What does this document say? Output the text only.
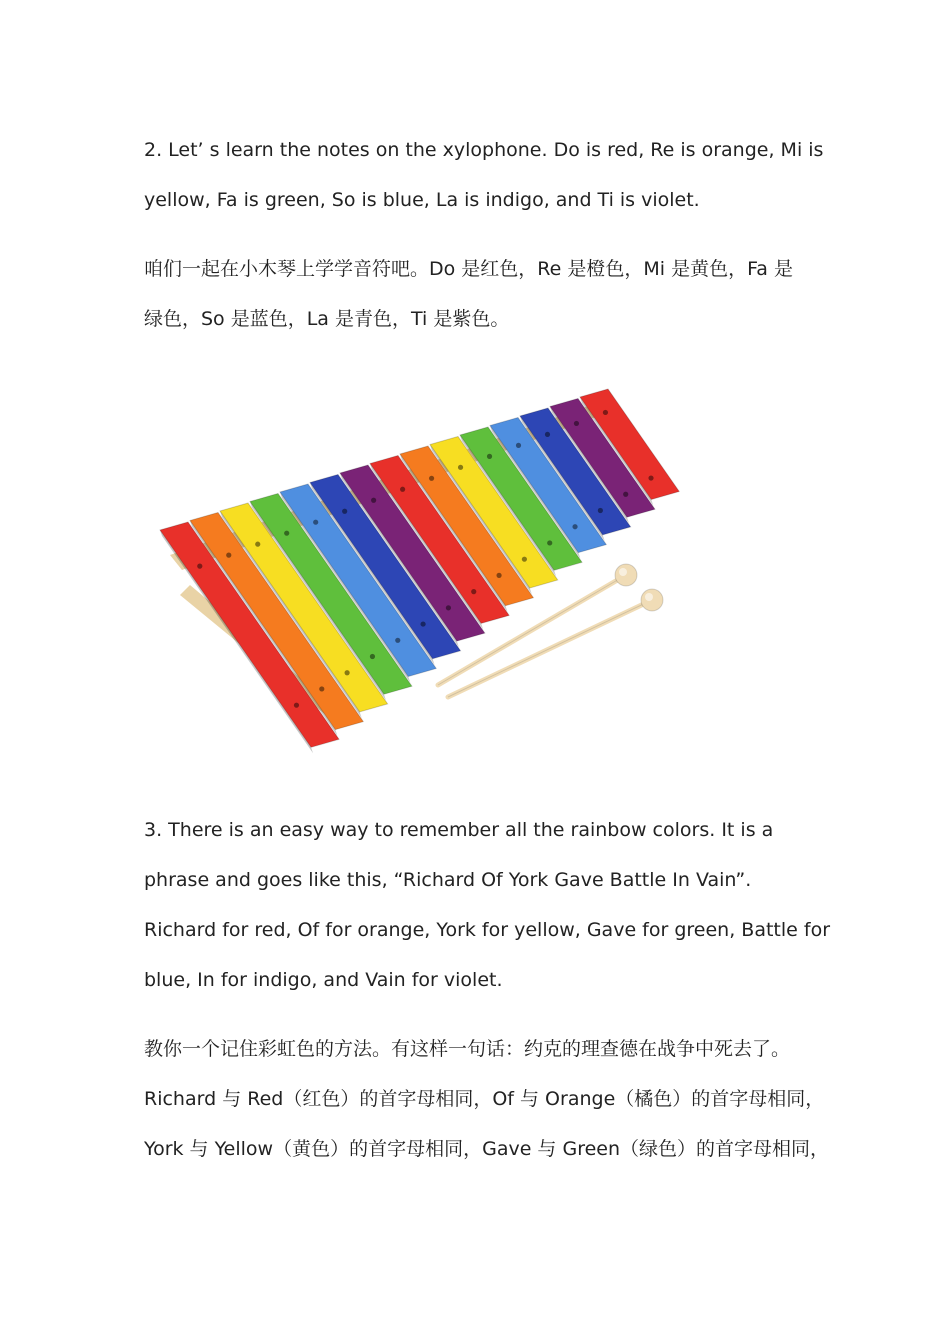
2. Let’ s learn the notes on the xylophone. Do is red, Re is orange, Mi is
yellow, Fa is green, So is blue, La is indigo, and Ti is violet.
咱们一起在小木琴上学学音符吧。Do 是红色，Re 是橙色，Mi 是黄色，Fa 是
绿色，So 是蓝色，La 是青色，Ti 是紫色。
3. There is an easy way to remember all the rainbow colors. It is a
phrase and goes like this, “Richard Of York Gave Battle In Vain”.
Richard for red, Of for orange, York for yellow, Gave for green, Battle for
blue, In for indigo, and Vain for violet.
教你一个记住彩虹色的方法。有这样一句话：约克的理查德在战争中死去了。
Richard 与 Red（红色）的首字母相同，Of 与 Orange（橘色）的首字母相同，
York 与 Yellow（黄色）的首字母相同，Gave 与 Green（绿色）的首字母相同，
